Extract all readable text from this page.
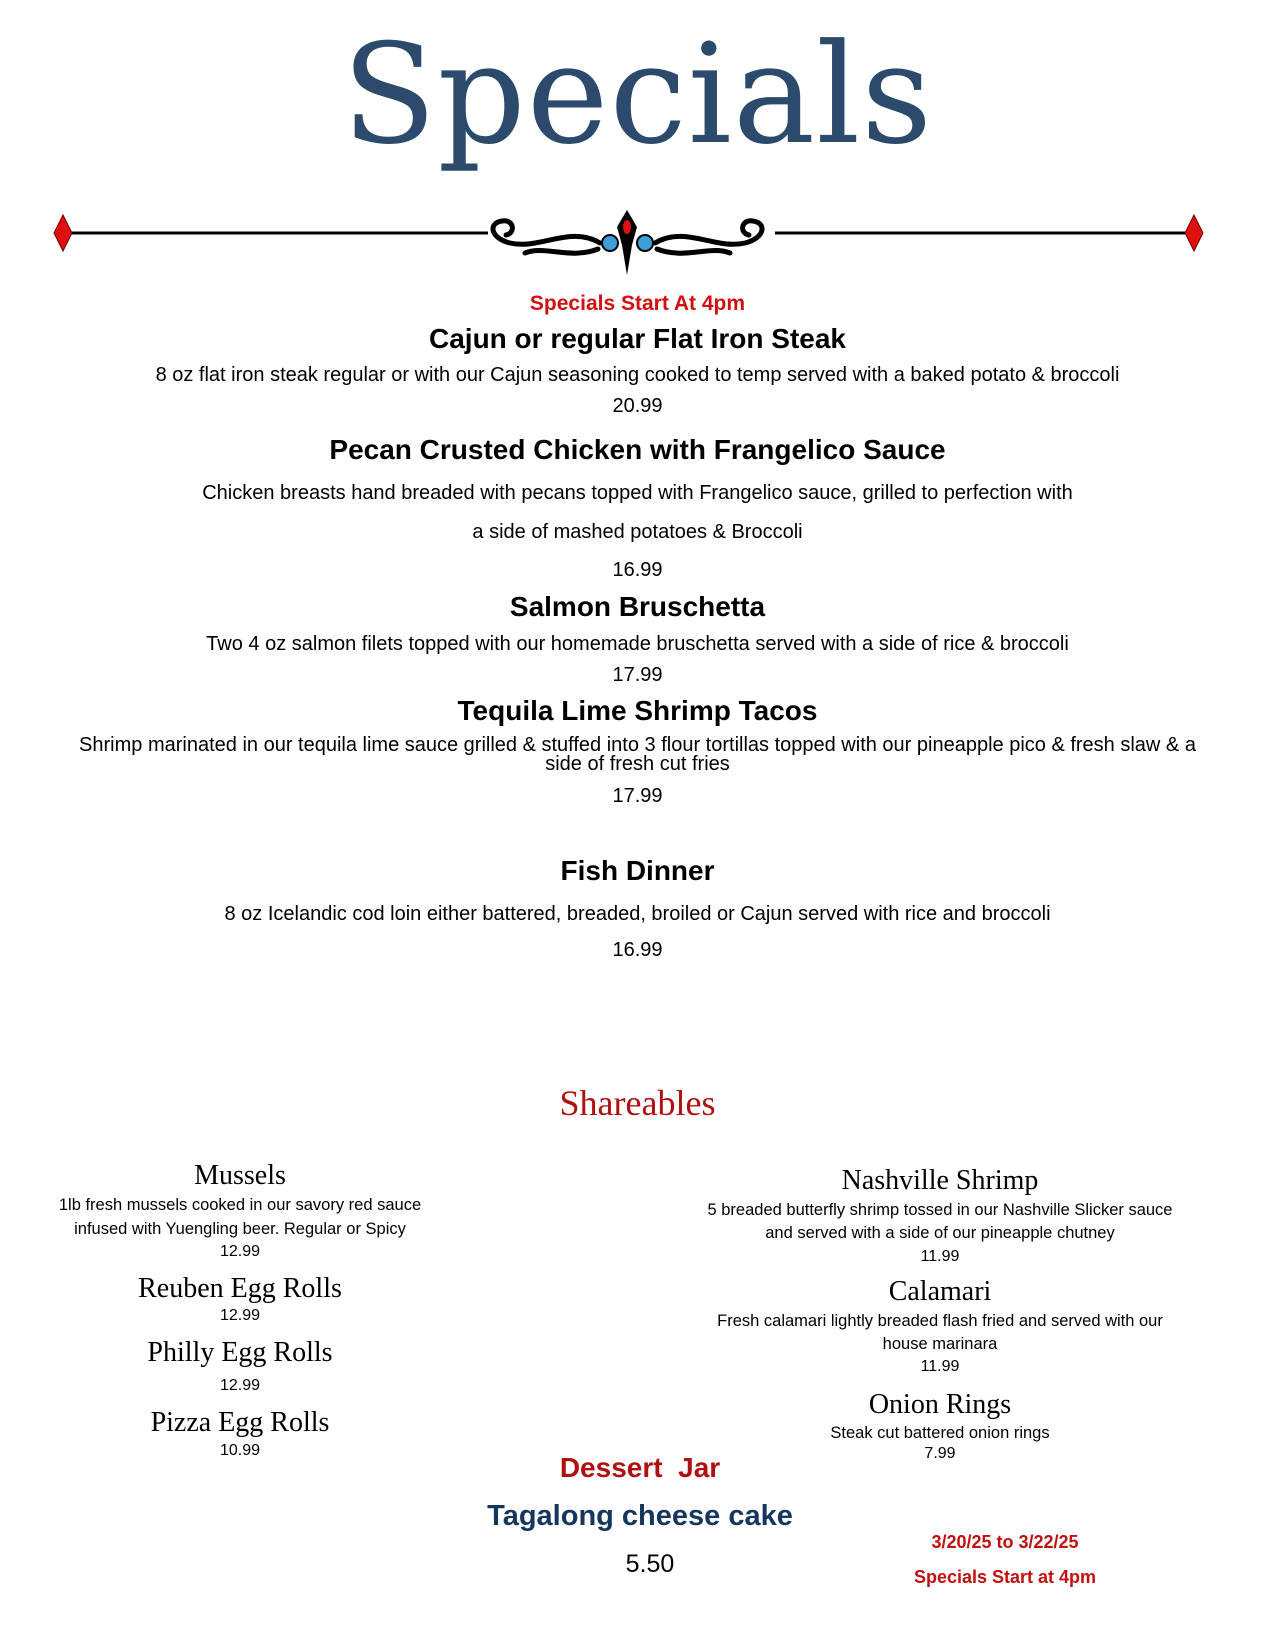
Specials
Specials Start At 4pm
Cajun or regular Flat Iron Steak
8 oz flat iron steak regular or with our Cajun seasoning cooked to temp served with a baked potato & broccoli
20.99
Pecan Crusted Chicken with Frangelico Sauce
Chicken breasts hand breaded with pecans topped with Frangelico sauce, grilled to perfection with
a side of mashed potatoes & Broccoli
16.99
Salmon Bruschetta
Two 4 oz salmon filets topped with our homemade bruschetta served with a side of rice & broccoli
17.99
Tequila Lime Shrimp Tacos
Shrimp marinated in our tequila lime sauce grilled & stuffed into 3 flour tortillas topped with our pineapple pico & fresh slaw & a
side of fresh cut fries
17.99
Fish Dinner
8 oz Icelandic cod loin either battered, breaded, broiled or Cajun served with rice and broccoli
16.99
Shareables
Mussels
1lb fresh mussels cooked in our savory red sauce
infused with Yuengling beer. Regular or Spicy
12.99
Reuben Egg Rolls
12.99
Philly Egg Rolls
12.99
Pizza Egg Rolls
10.99
Nashville Shrimp
5 breaded butterfly shrimp tossed in our Nashville Slicker sauce
and served with a side of our pineapple chutney
11.99
Calamari
Fresh calamari lightly breaded flash fried and served with our
house marinara
11.99
Onion Rings
Steak cut battered onion rings
7.99
Dessert  Jar
Tagalong cheese cake
5.50
3/20/25 to 3/22/25
Specials Start at 4pm
